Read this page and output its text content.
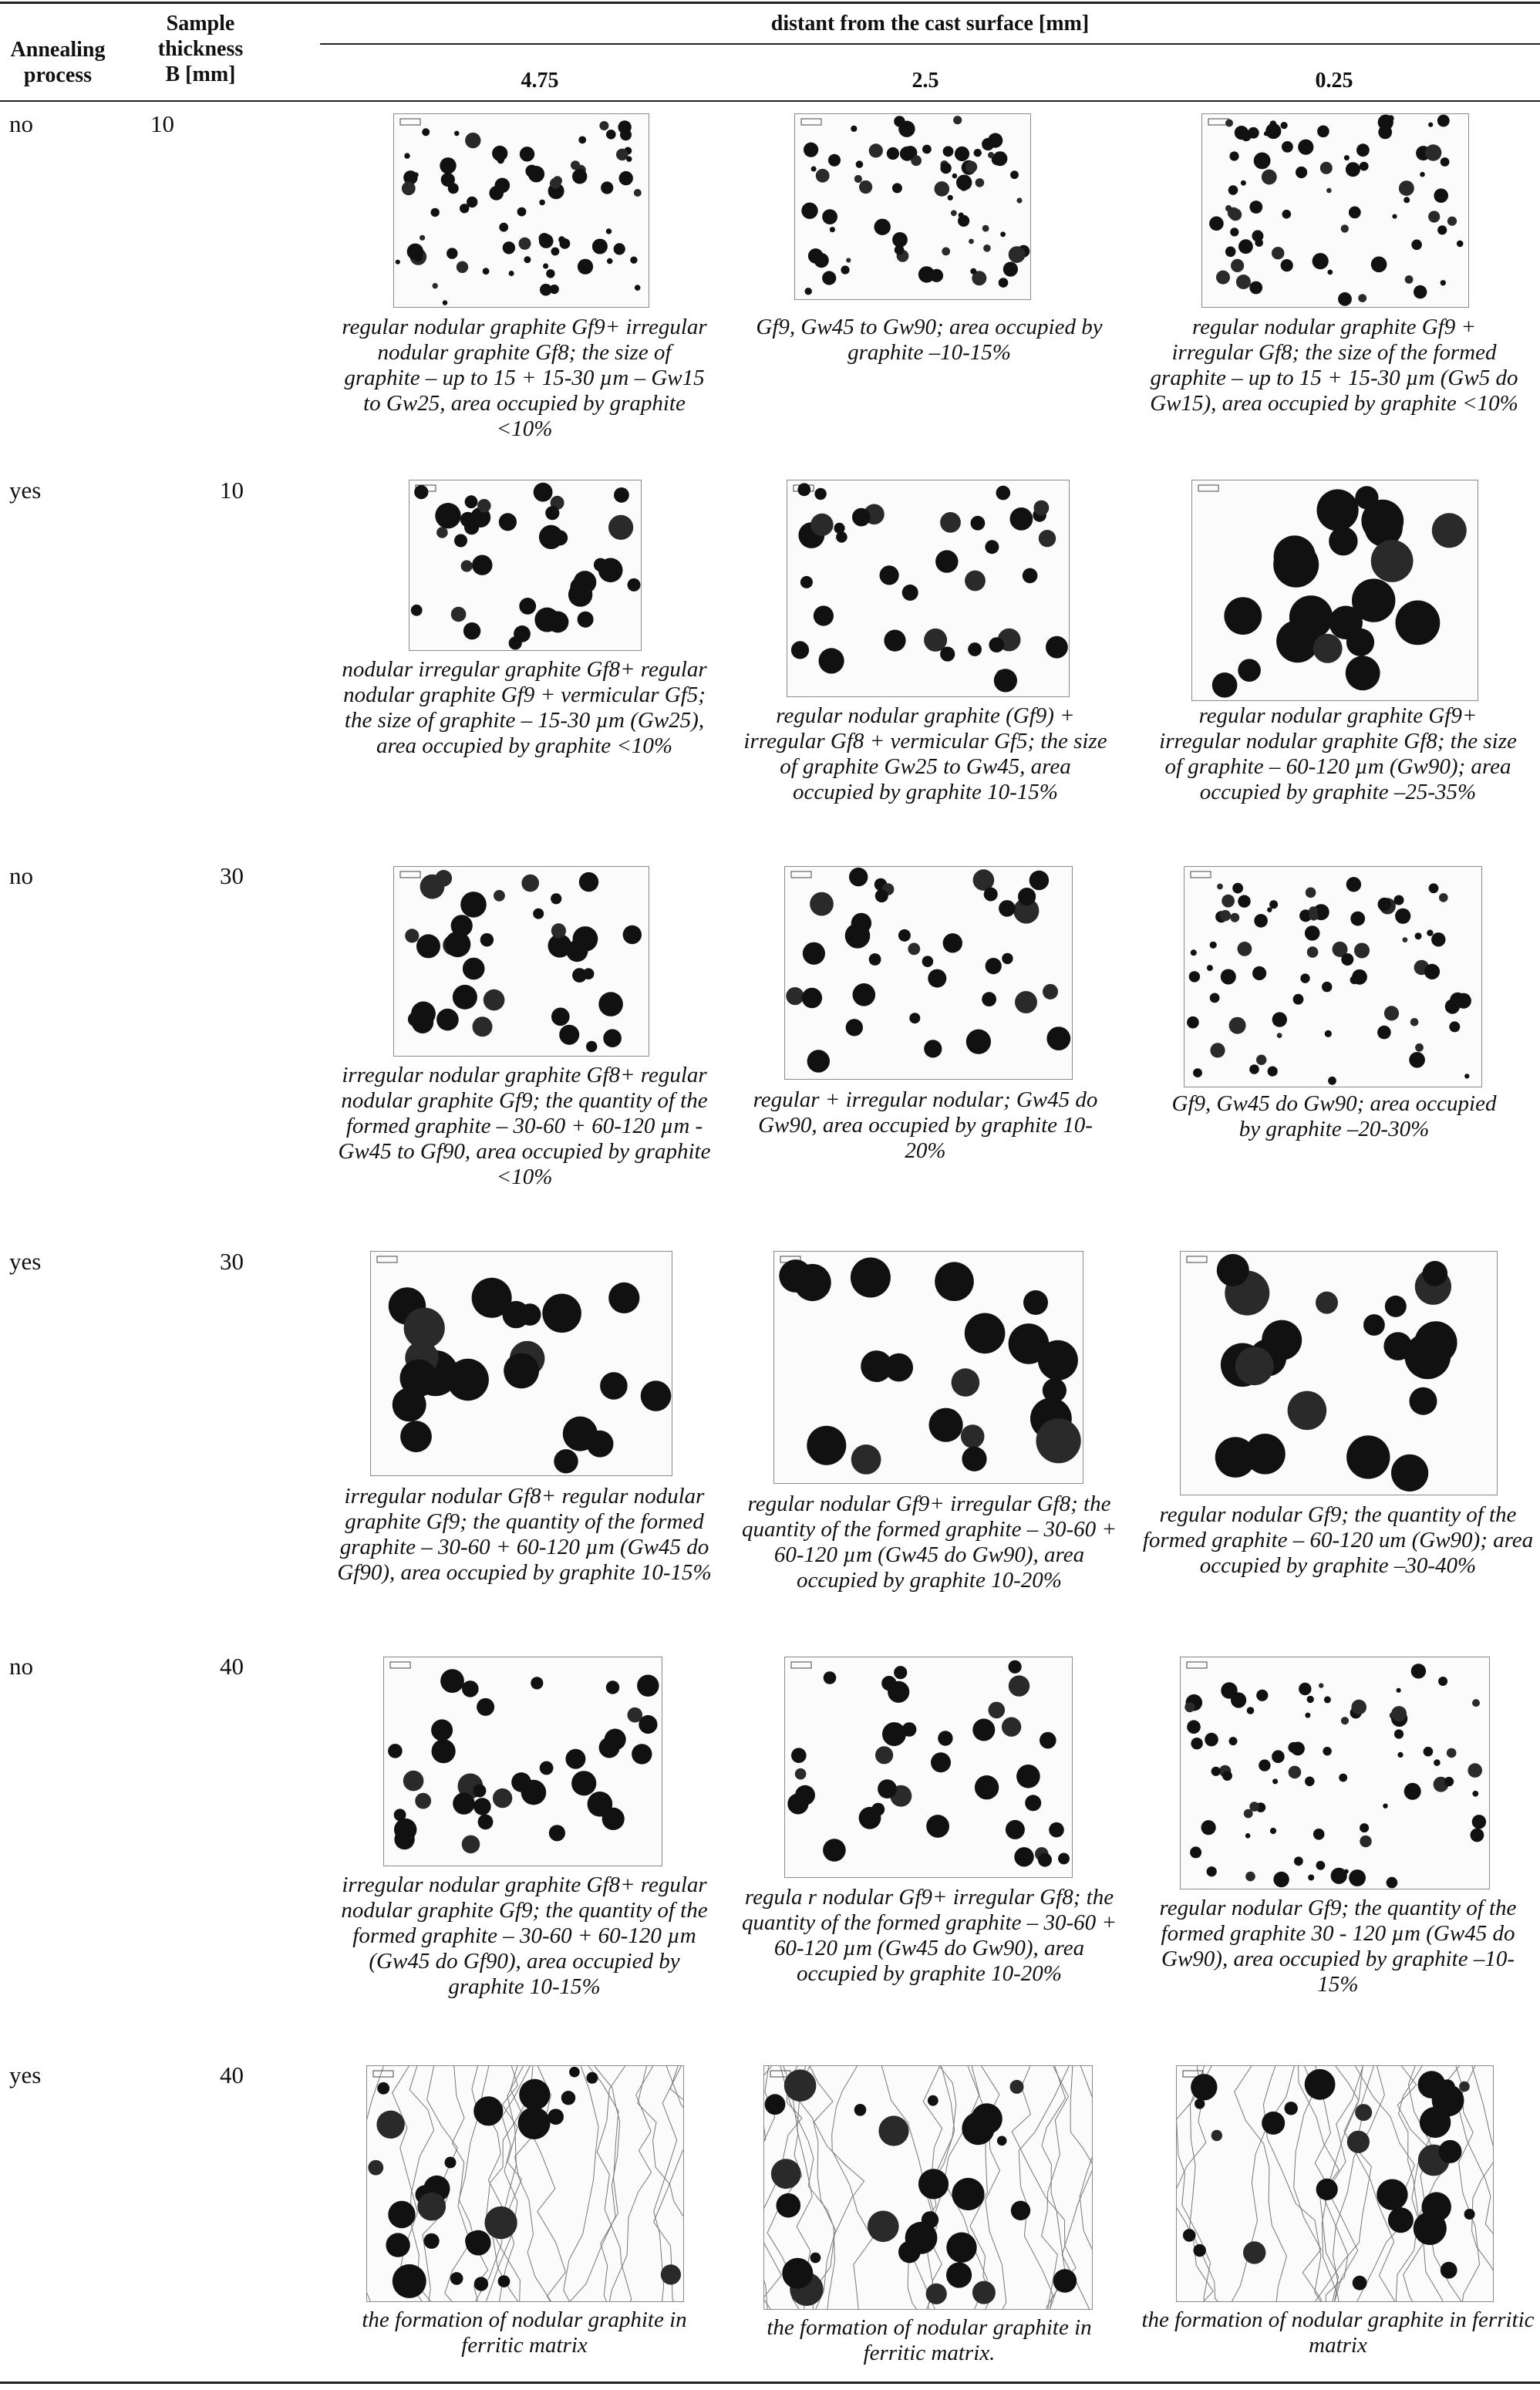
Annealing process
Sample thickness B [mm]
distant from the cast surface [mm]
4.75	2.5	0.25
no	10
regular nodular graphite Gf9+ irregular nodular graphite Gf8; the size of graphite – up to 15 + 15-30 µm – Gw15 to Gw25, area occupied by graphite <10%
Gf9, Gw45 to Gw90; area occupied by graphite –10-15%
regular nodular graphite Gf9 + irregular Gf8; the size of the formed graphite – up to 15 + 15-30 µm (Gw5 do Gw15), area occupied by graphite <10%
yes	10
nodular irregular graphite Gf8+ regular nodular graphite Gf9 + vermicular Gf5; the size of graphite – 15-30 µm (Gw25), area occupied by graphite <10%
regular nodular graphite (Gf9) + irregular Gf8 + vermicular Gf5; the size of graphite Gw25 to Gw45, area occupied by graphite 10-15%
regular nodular graphite Gf9+ irregular nodular graphite Gf8; the size of graphite – 60-120 µm (Gw90); area occupied by graphite –25-35%
no	30
irregular nodular graphite Gf8+ regular nodular graphite Gf9; the quantity of the formed graphite – 30-60 + 60-120 µm - Gw45 to Gf90, area occupied by graphite <10%
regular + irregular nodular; Gw45 do Gw90, area occupied by graphite 10-20%
Gf9, Gw45 do Gw90; area occupied by graphite –20-30%
yes	30
irregular nodular Gf8+ regular nodular graphite Gf9; the quantity of the formed graphite – 30-60 + 60-120 µm (Gw45 do Gf90), area occupied by graphite 10-15%
regular nodular Gf9+ irregular Gf8; the quantity of the formed graphite – 30-60 + 60-120 µm (Gw45 do Gw90), area occupied by graphite 10-20%
regular nodular Gf9; the quantity of the formed graphite – 60-120 um (Gw90); area occupied by graphite –30-40%
no	40
irregular nodular graphite Gf8+ regular nodular graphite Gf9; the quantity of the formed graphite – 30-60 + 60-120 µm (Gw45 do Gf90), area occupied by graphite 10-15%
regula r nodular Gf9+ irregular Gf8; the quantity of the formed graphite – 30-60 + 60-120 µm (Gw45 do Gw90), area occupied by graphite 10-20%
regular nodular Gf9; the quantity of the formed graphite 30 - 120 µm (Gw45 do Gw90), area occupied by graphite –10-15%
yes	40
the formation of nodular graphite in ferritic matrix
the formation of nodular graphite in ferritic matrix.
the formation of nodular graphite in ferritic matrix
